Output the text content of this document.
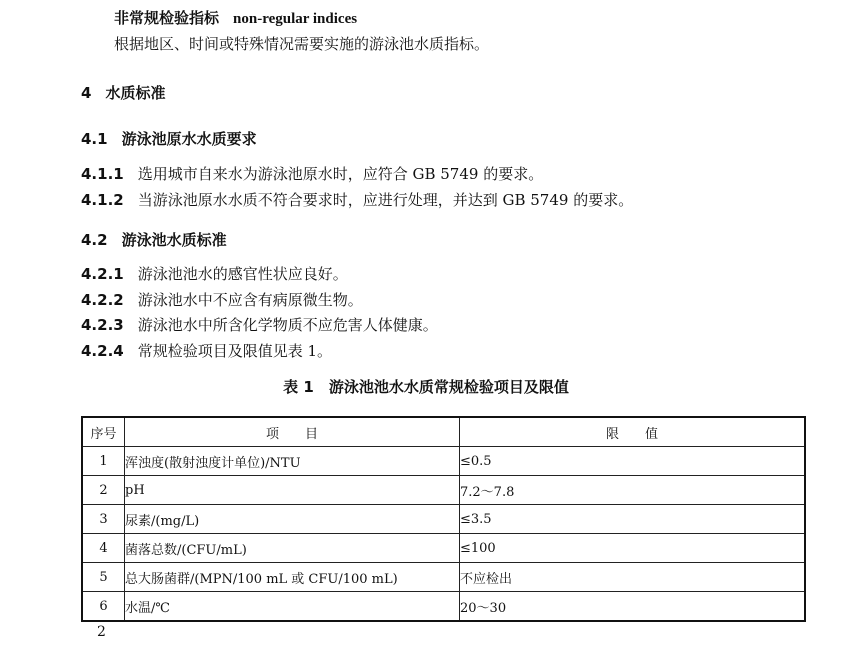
非常规检验指标 non-regular indices
根据地区、时间或特殊情况需要实施的游泳池水质指标。
4 水质标准
4.1 游泳池原水水质要求
4.1.1 选用城市自来水为游泳池原水时，应符合 GB 5749 的要求。
4.1.2 当游泳池原水水质不符合要求时，应进行处理，并达到 GB 5749 的要求。
4.2 游泳池水质标准
4.2.1 游泳池池水的感官性状应良好。
4.2.2 游泳池水中不应含有病原微生物。
4.2.3 游泳池水中所含化学物质不应危害人体健康。
4.2.4 常规检验项目及限值见表 1。
表 1　游泳池池水水质常规检验项目及限值
序号	项　　目	限　　值
1	浑浊度(散射浊度计单位)/NTU	≤0.5
2	pH	7.2～7.8
3	尿素/(mg/L)	≤3.5
4	菌落总数/(CFU/mL)	≤100
5	总大肠菌群/(MPN/100 mL 或 CFU/100 mL)	不应检出
6	水温/℃	20～30
2
